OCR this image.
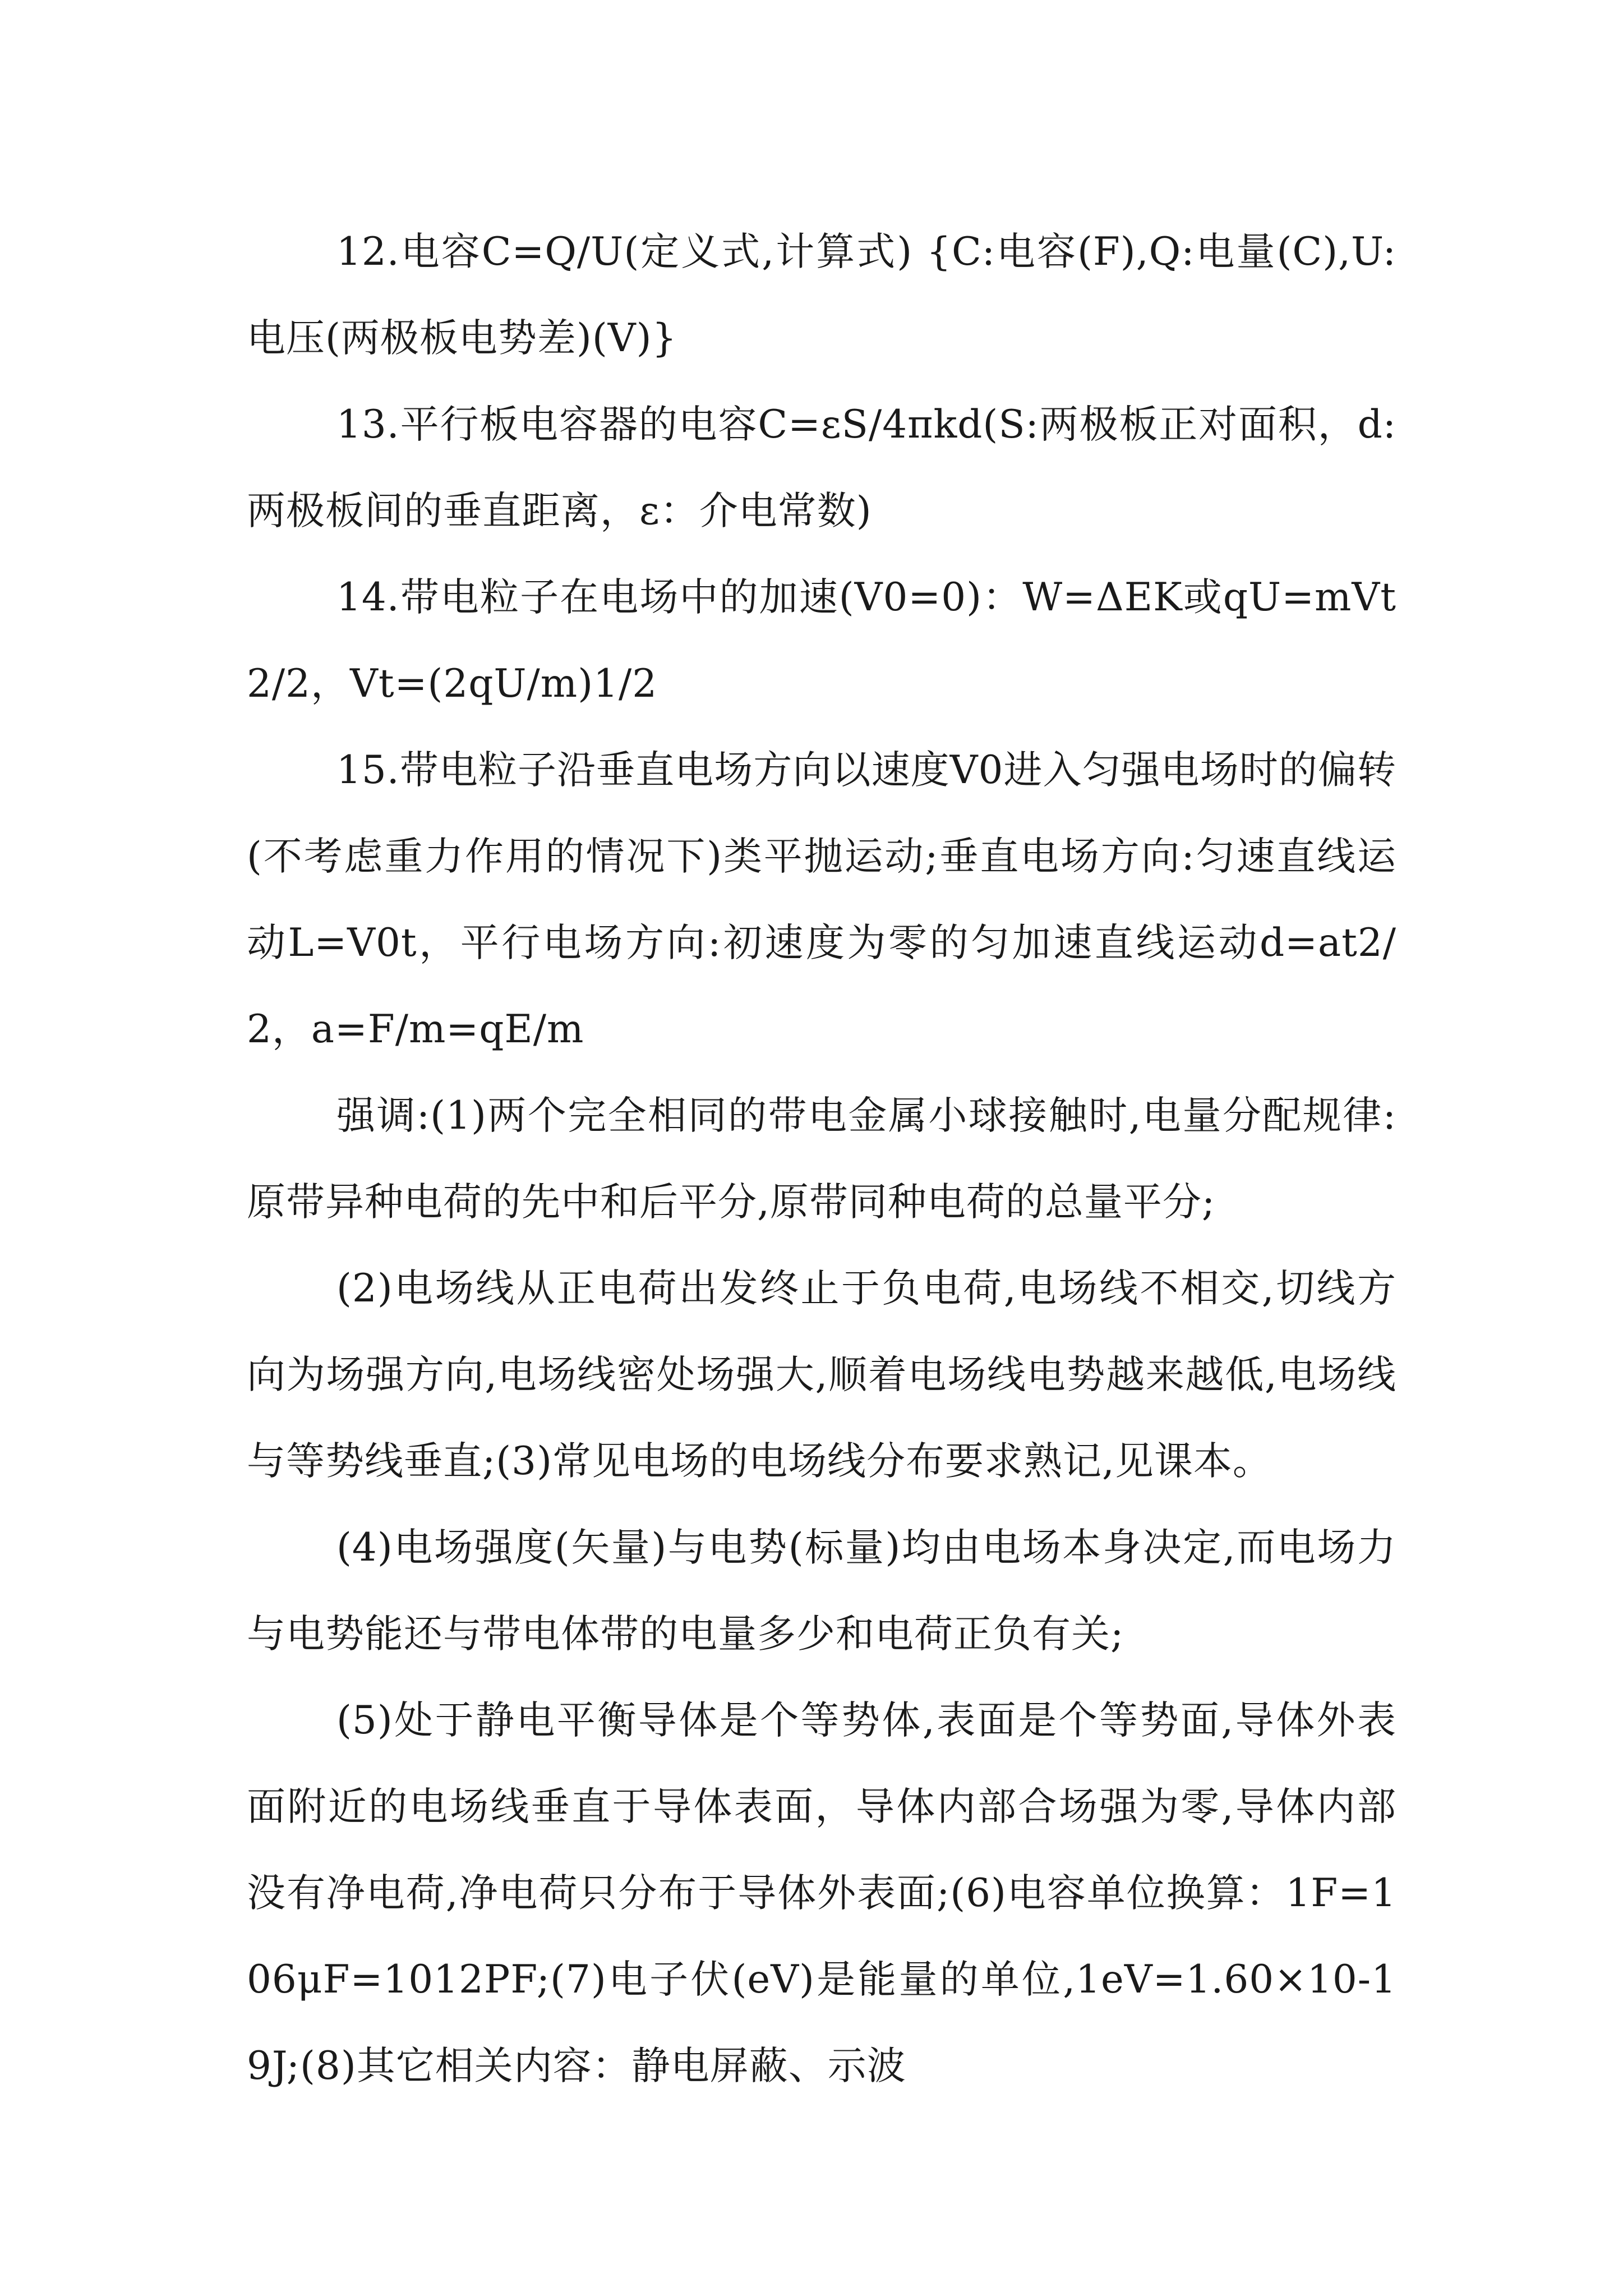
12.电容C=Q/U(定义式,计算式) {C:电容(F),Q:电量(C),U:电压(两极板电势差)(V)}

13.平行板电容器的电容C=εS/4πkd(S:两极板正对面积，d:两极板间的垂直距离，ε：介电常数)

14.带电粒子在电场中的加速(V0=0)：W=ΔEK或qU=mVt2/2，Vt=(2qU/m)1/2

15.带电粒子沿垂直电场方向以速度V0进入匀强电场时的偏转(不考虑重力作用的情况下)类平抛运动;垂直电场方向:匀速直线运动L=V0t，平行电场方向:初速度为零的匀加速直线运动d=at2/2，a=F/m=qE/m

强调:(1)两个完全相同的带电金属小球接触时,电量分配规律:原带异种电荷的先中和后平分,原带同种电荷的总量平分;

(2)电场线从正电荷出发终止于负电荷,电场线不相交,切线方向为场强方向,电场线密处场强大,顺着电场线电势越来越低,电场线与等势线垂直;(3)常见电场的电场线分布要求熟记,见课本。

(4)电场强度(矢量)与电势(标量)均由电场本身决定,而电场力与电势能还与带电体带的电量多少和电荷正负有关;

(5)处于静电平衡导体是个等势体,表面是个等势面,导体外表面附近的电场线垂直于导体表面，导体内部合场强为零,导体内部没有净电荷,净电荷只分布于导体外表面;(6)电容单位换算：1F=106μF=1012PF;(7)电子伏(eV)是能量的单位,1eV=1.60×10-19J;(8)其它相关内容：静电屏蔽、示波
